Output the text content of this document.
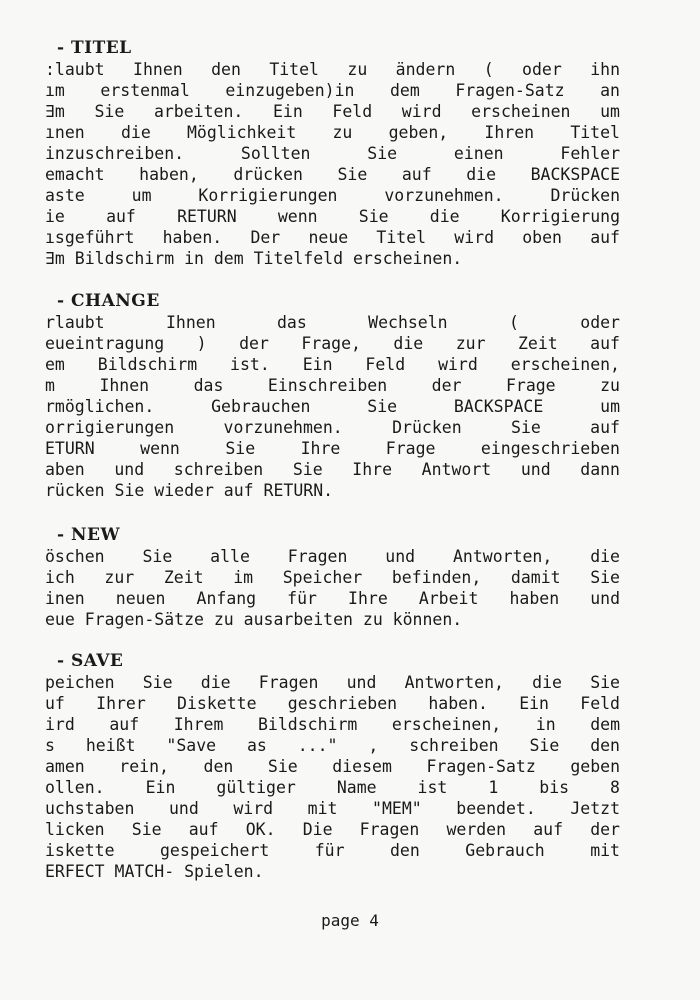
- TITEL
:laubt Ihnen den Titel zu ändern ( oder ihn
ım erstenmal einzugeben)in dem Fragen-Satz an
∃m Sie arbeiten. Ein Feld wird erscheinen um
ınen die Möglichkeit zu geben, Ihren Titel
inzuschreiben. Sollten Sie einen Fehler
emacht haben, drücken Sie auf die BACKSPACE
aste um Korrigierungen vorzunehmen. Drücken
ie auf RETURN wenn Sie die Korrigierung
ısgeführt haben. Der neue Titel wird oben auf
∃m Bildschirm in dem Titelfeld erscheinen.
- CHANGE
rlaubt Ihnen das Wechseln ( oder
eueintragung ) der Frage, die zur Zeit auf
em Bildschirm ist. Ein Feld wird erscheinen,
m Ihnen das Einschreiben der Frage zu
rmöglichen. Gebrauchen Sie BACKSPACE um
orrigierungen vorzunehmen. Drücken Sie auf
ETURN wenn Sie Ihre Frage eingeschrieben
aben und schreiben Sie Ihre Antwort und dann
rücken Sie wieder auf RETURN.
- NEW
öschen Sie alle Fragen und Antworten, die
ich zur Zeit im Speicher befinden, damit Sie
inen neuen Anfang für Ihre Arbeit haben und
eue Fragen-Sätze zu ausarbeiten zu können.
- SAVE
peichen Sie die Fragen und Antworten, die Sie
uf Ihrer Diskette geschrieben haben. Ein Feld
ird auf Ihrem Bildschirm erscheinen, in dem
s heißt "Save as ..." , schreiben Sie den
amen rein, den Sie diesem Fragen-Satz geben
ollen. Ein gültiger Name ist 1 bis 8
uchstaben und wird mit "MEM" beendet. Jetzt
licken Sie auf OK. Die Fragen werden auf der
iskette gespeichert für den Gebrauch mit
ERFECT MATCH- Spielen.
page 4
